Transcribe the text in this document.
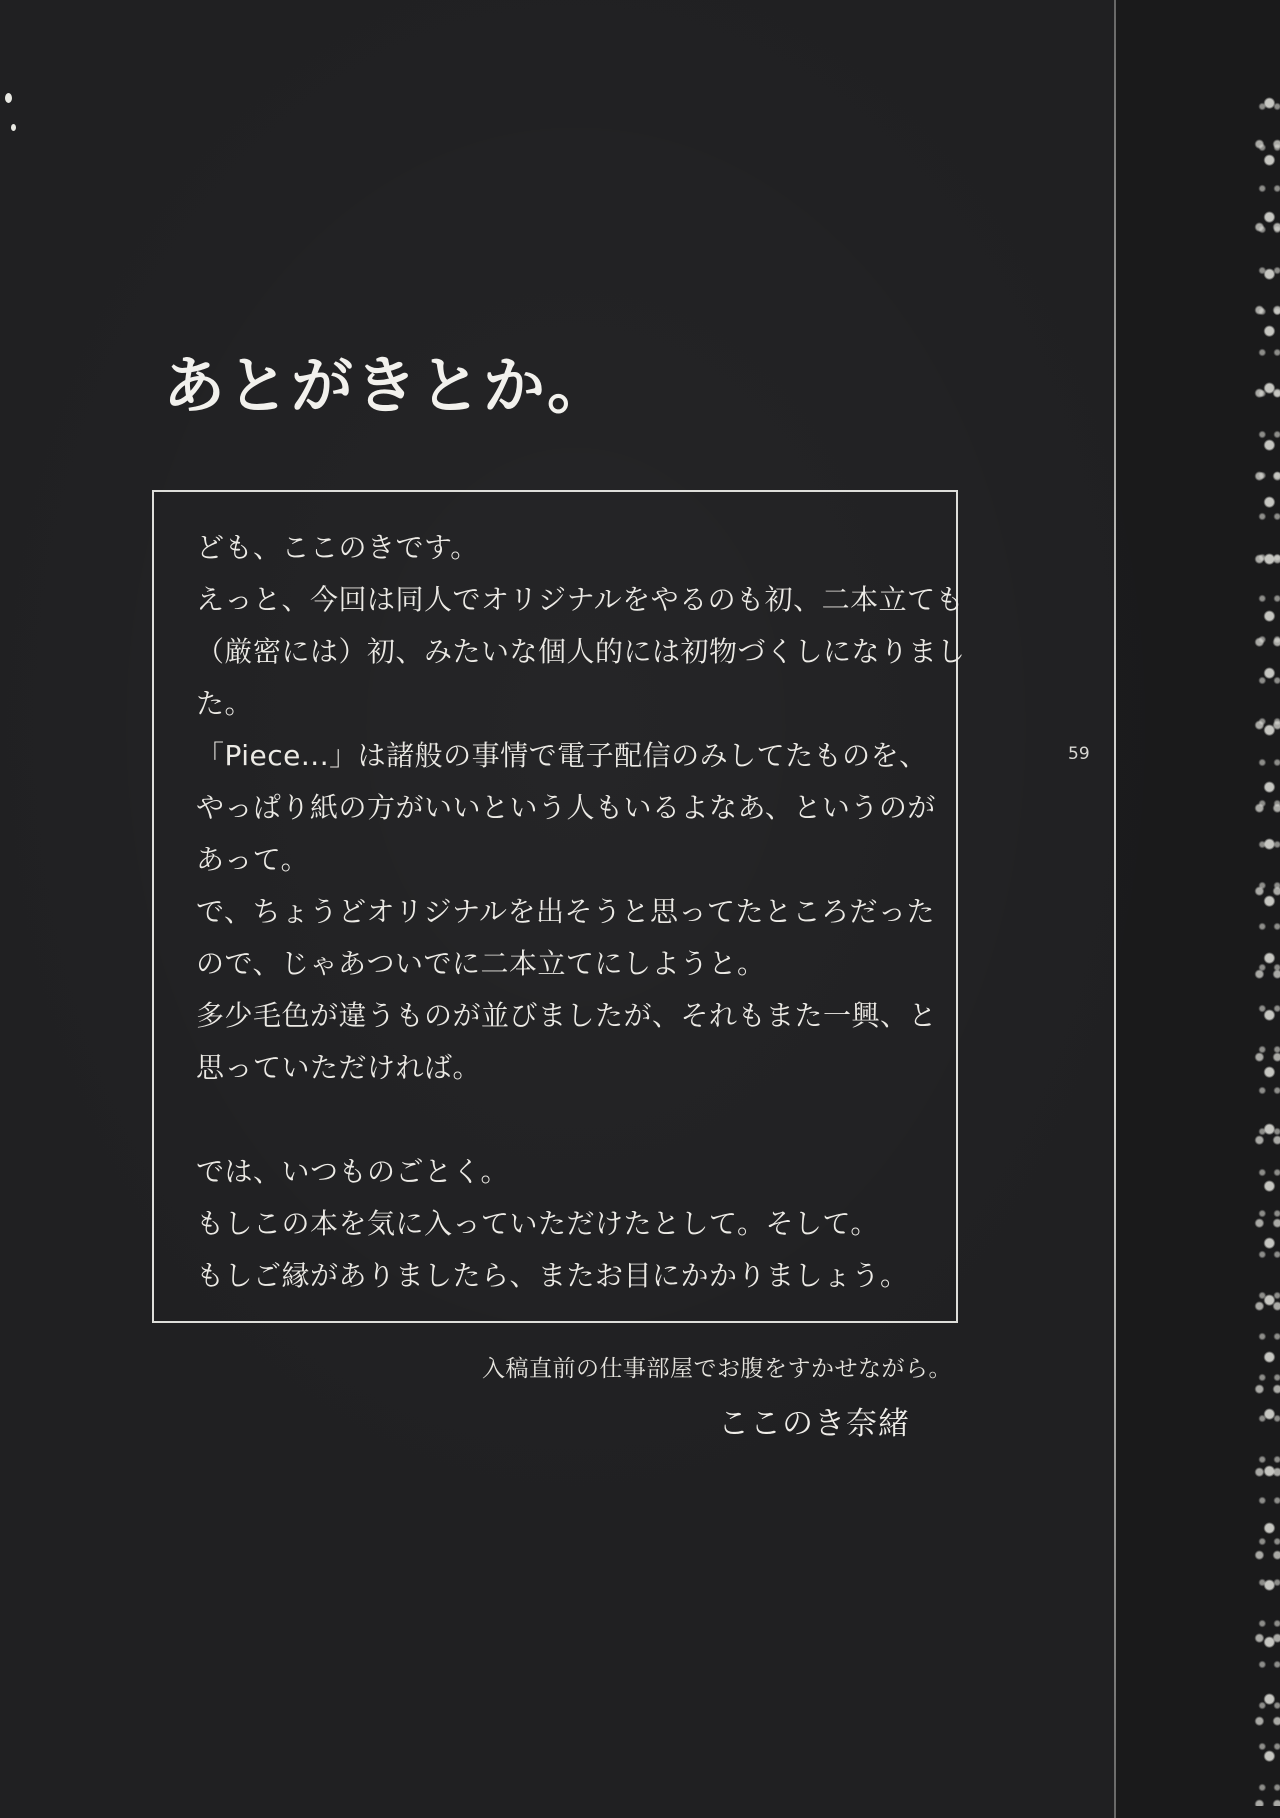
あとがきとか。
ども、ここのきです。
えっと、今回は同人でオリジナルをやるのも初、二本立ても
（厳密には）初、みたいな個人的には初物づくしになりまし
た。
「Piece...」は諸般の事情で電子配信のみしてたものを、
やっぱり紙の方がいいという人もいるよなあ、というのが
あって。
で、ちょうどオリジナルを出そうと思ってたところだった
ので、じゃあついでに二本立てにしようと。
多少毛色が違うものが並びましたが、それもまた一興、と
思っていただければ。
では、いつものごとく。
もしこの本を気に入っていただけたとして。そして。
もしご縁がありましたら、またお目にかかりましょう。
59
入稿直前の仕事部屋でお腹をすかせながら。
ここのき奈緒
